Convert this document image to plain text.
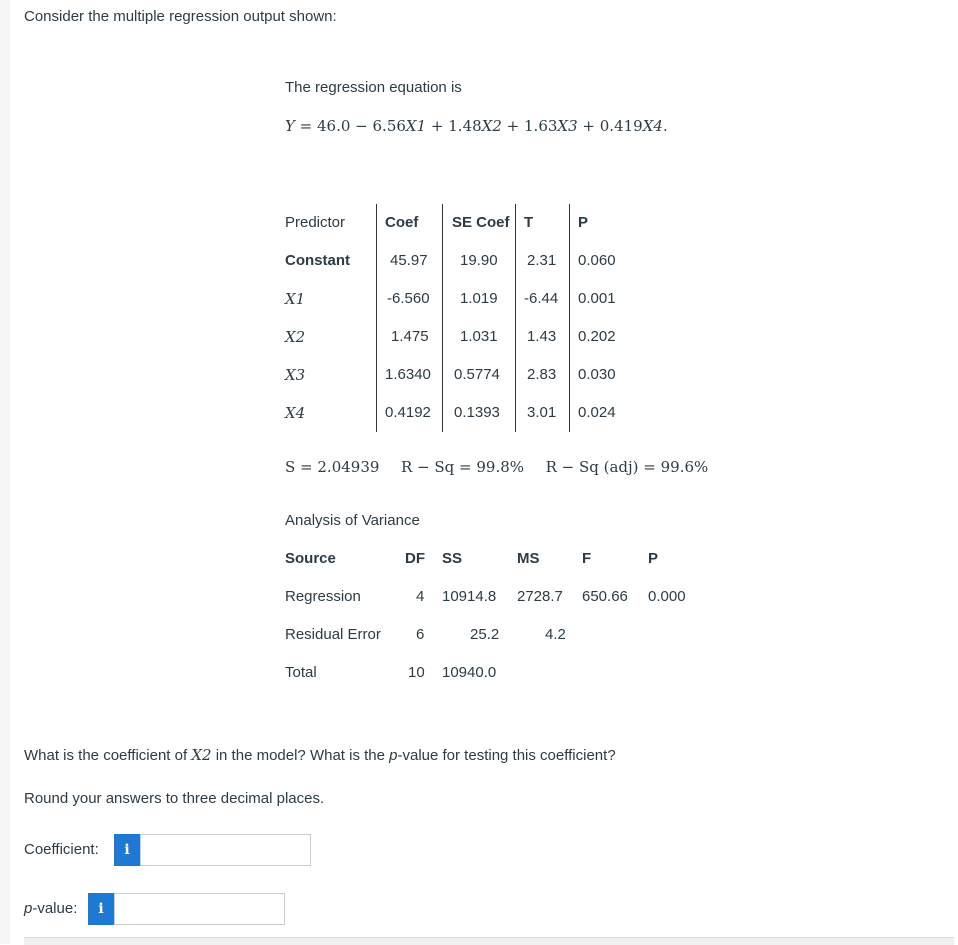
Consider the multiple regression output shown:
The regression equation is
Y = 46.0 − 6.56X1 + 1.48X2 + 1.63X3 + 0.419X4.
Predictor	Coef SE Coef T	P
Constant	45.97 19.90 2.31 0.060
X1	-6.560 1.019 -6.44 0.001
X2	1.475 1.031 1.43 0.202
X3	1.6340 0.5774 2.83 0.030
X4	0.4192 0.1393 3.01 0.024
S = 2.04939 R − Sq = 99.8% R − Sq (adj) = 99.6%
Analysis of Variance
Source	DF SS	MS	F	P
Regression	4 10914.8 2728.7 650.66 0.000
Residual Error 6	25.2	4.2
Total	10 10940.0
What is the coefficient of X2 in the model? What is the p-value for testing this coefficient?
Round your answers to three decimal places.
Coefficient: i
p-value: i
